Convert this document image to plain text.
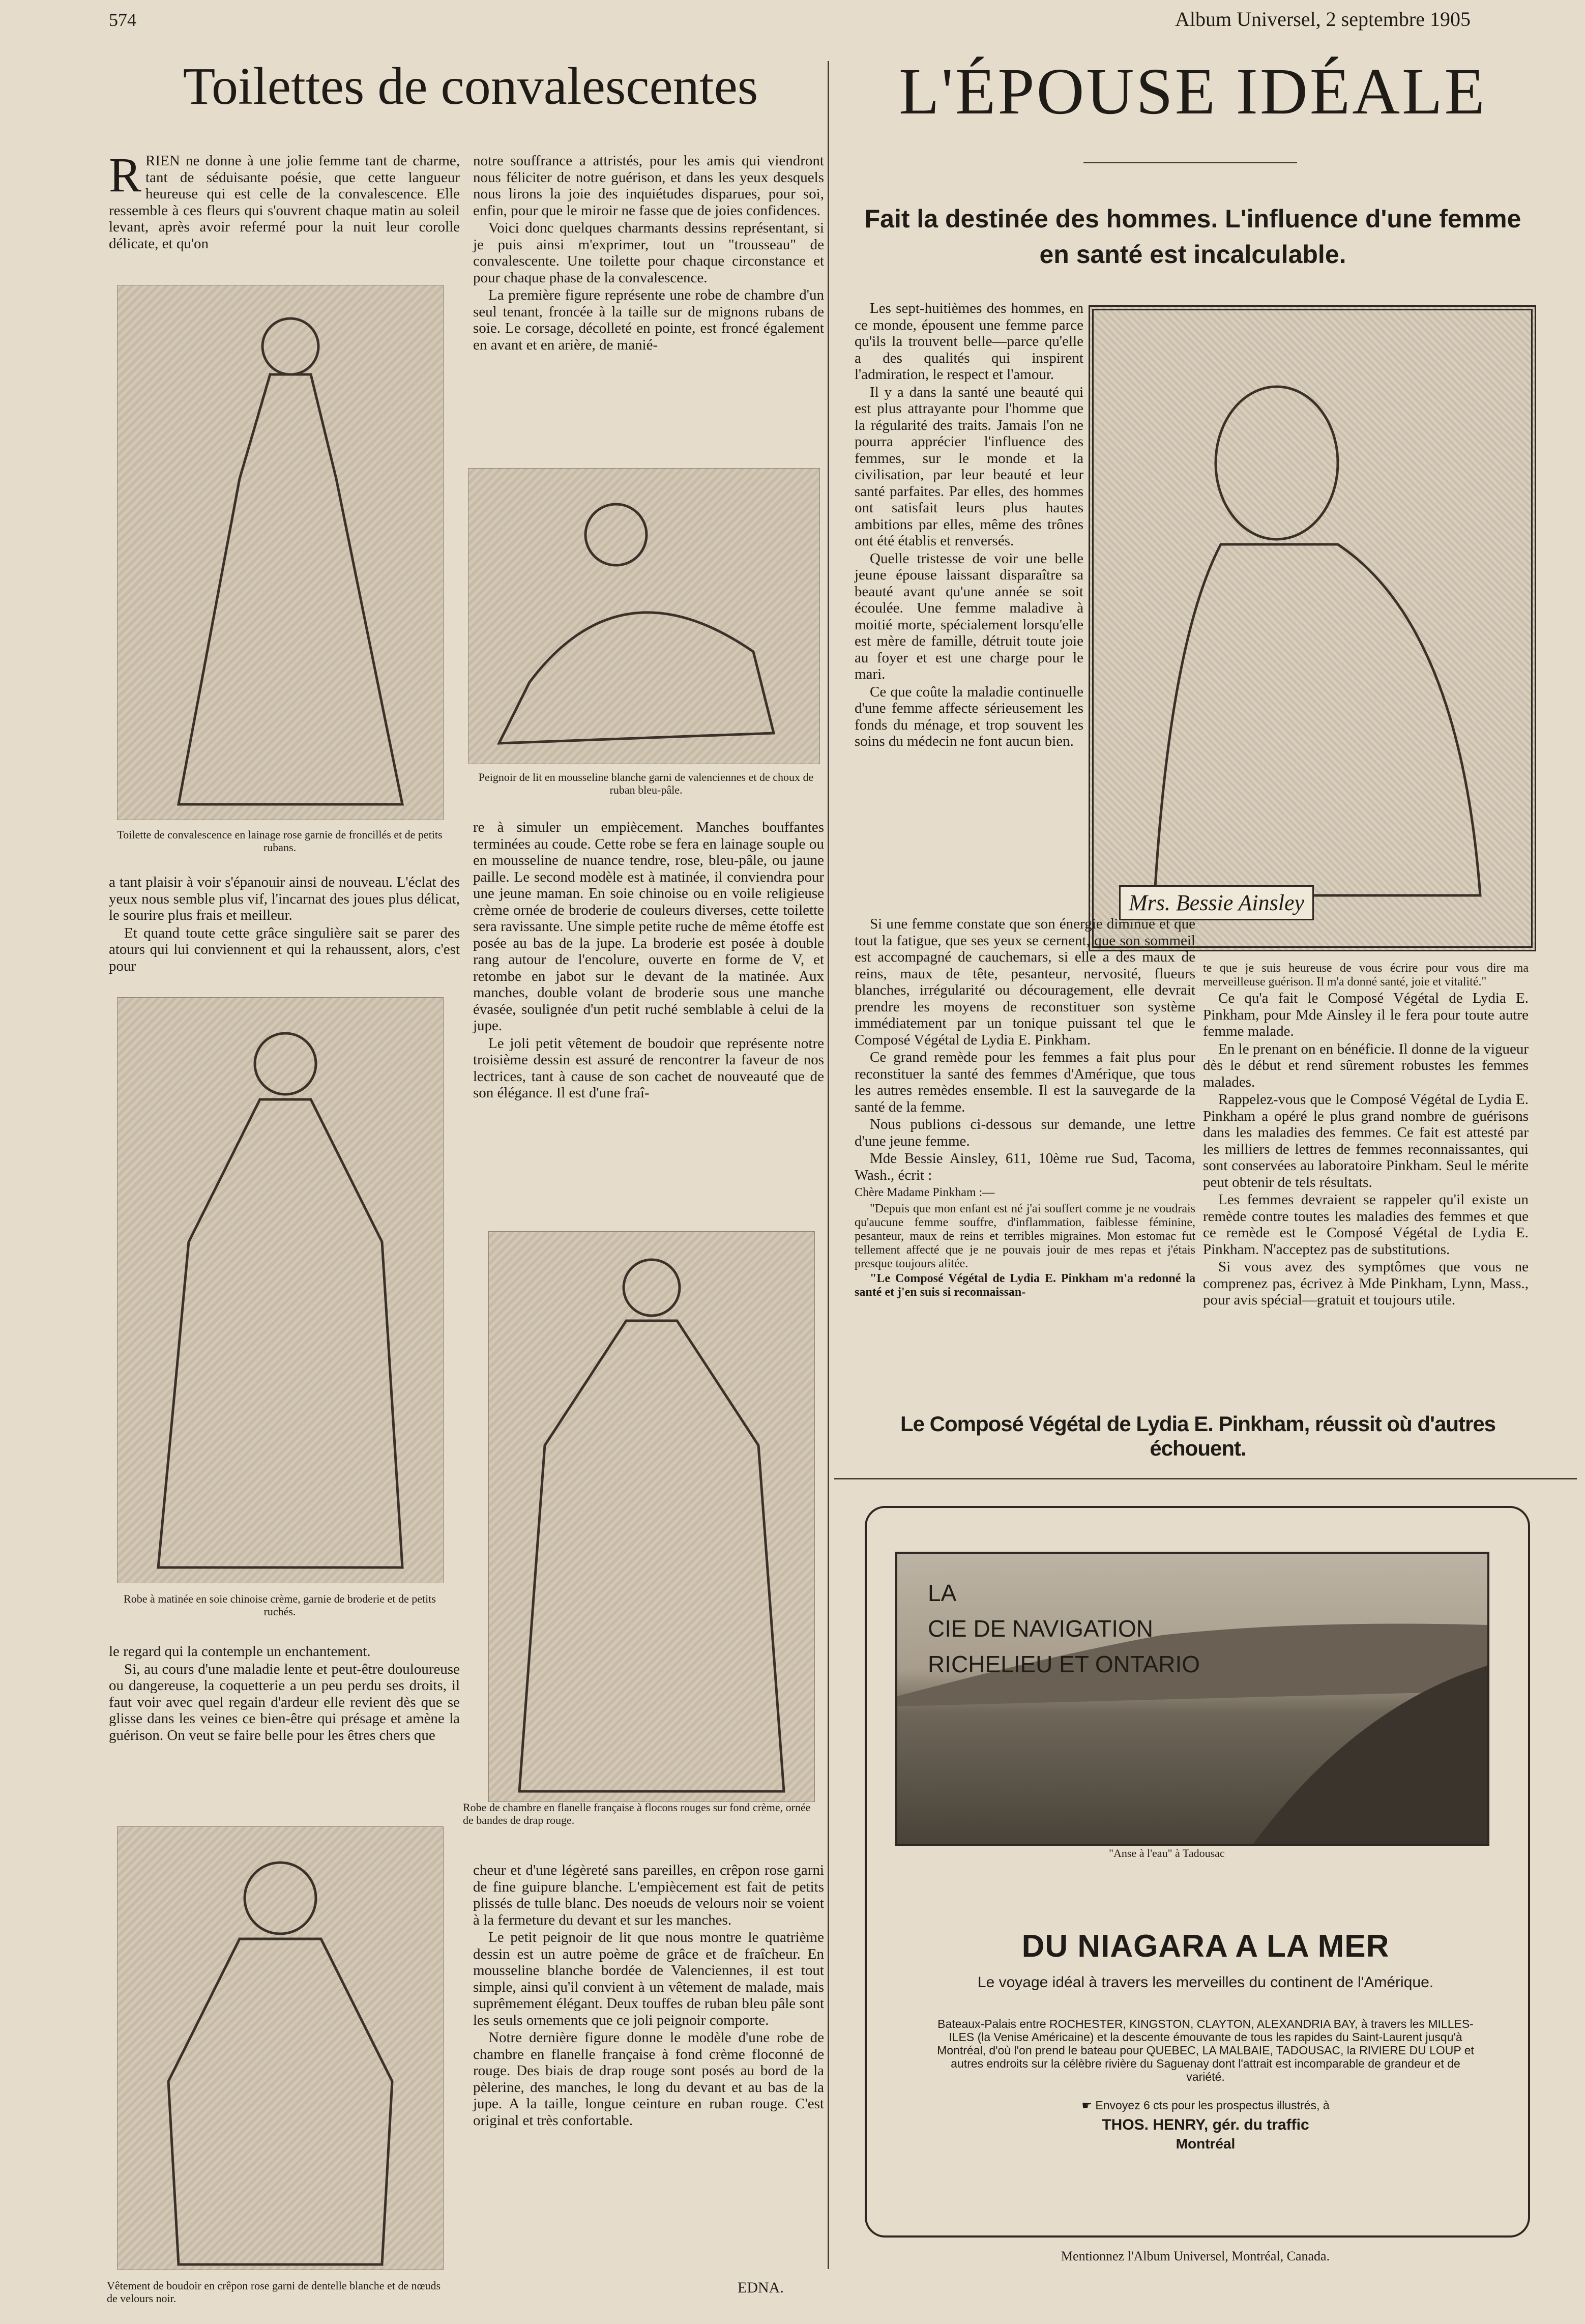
574	Album Universel, 2 septembre 1905
Toilettes de convalescentes
R RIEN ne donne à une jolie femme tant de charme, tant de séduisante poésie, que cette langueur heureuse qui est celle de la convalescence. Elle ressemble à ces fleurs qui s'ouvrent chaque matin au soleil levant, après avoir refermé pour la nuit leur corolle délicate, et qu'on
Toilette de convalescence en lainage rose garnie de froncillés et de petits rubans.

a tant plaisir à voir s'épanouir ainsi de nouveau. L'éclat des yeux nous semble plus vif, l'incarnat des joues plus délicat, le sourire plus frais et meilleur.

Et quand toute cette grâce singulière sait se parer des atours qui lui conviennent et qui la rehaussent, alors, c'est pour

Robe à matinée en soie chinoise crème, garnie de broderie et de petits ruchés.

le regard qui la contemple un enchantement.

Si, au cours d'une maladie lente et peut-être douloureuse ou dangereuse, la coquetterie a un peu perdu ses droits, il faut voir avec quel regain d'ardeur elle revient dès que se glisse dans les veines ce bien-être qui présage et amène la guérison. On veut se faire belle pour les êtres chers que

Vêtement de boudoir en crêpon rose garni de dentelle blanche et de nœuds de velours noir.

notre souffrance a attristés, pour les amis qui viendront nous féliciter de notre guérison, et dans les yeux desquels nous lirons la joie des inquiétudes disparues, pour soi, enfin, pour que le miroir ne fasse que de joies confidences.

Voici donc quelques charmants dessins représentant, si je puis ainsi m'exprimer, tout un "trousseau" de convalescente. Une toilette pour chaque circonstance et pour chaque phase de la convalescence.

La première figure représente une robe de chambre d'un seul tenant, froncée à la taille sur de mignons rubans de soie. Le corsage, décolleté en pointe, est froncé également en avant et en arière, de manié-

Peignoir de lit en mousseline blanche garni de valenciennes et de choux de ruban bleu-pâle.

re à simuler un empiècement. Manches bouffantes terminées au coude. Cette robe se fera en lainage souple ou en mousseline de nuance tendre, rose, bleu-pâle, ou jaune paille. Le second modèle est à matinée, il conviendra pour une jeune maman. En soie chinoise ou en voile religieuse crème ornée de broderie de couleurs diverses, cette toilette sera ravissante. Une simple petite ruche de même étoffe est posée au bas de la jupe. La broderie est posée à double rang autour de l'encolure, ouverte en forme de V, et retombe en jabot sur le devant de la matinée. Aux manches, double volant de broderie sous une manche évasée, soulignée d'un petit ruché semblable à celui de la jupe.

Le joli petit vêtement de boudoir que représente notre troisième dessin est assuré de rencontrer la faveur de nos lectrices, tant à cause de son cachet de nouveauté que de son élégance. Il est d'une fraî-

Robe de chambre en flanelle française à flocons rouges sur fond crème, ornée de bandes de drap rouge.

cheur et d'une légèreté sans pareilles, en crêpon rose garni de fine guipure blanche. L'empiècement est fait de petits plissés de tulle blanc. Des noeuds de velours noir se voient à la fermeture du devant et sur les manches.

Le petit peignoir de lit que nous montre le quatrième dessin est un autre poème de grâce et de fraîcheur. En mousseline blanche bordée de Valenciennes, il est tout simple, ainsi qu'il convient à un vêtement de malade, mais suprêmement élégant. Deux touffes de ruban bleu pâle sont les seuls ornements que ce joli peignoir comporte.

Notre dernière figure donne le modèle d'une robe de chambre en flanelle française à fond crème floconné de rouge. Des biais de drap rouge sont posés au bord de la pèlerine, des manches, le long du devant et au bas de la jupe. A la taille, longue ceinture en ruban rouge. C'est original et très confortable.

EDNA.
L'ÉPOUSE IDÉALE
Fait la destinée des hommes. L'influence d'une femme en santé est incalculable.

Les sept-huitièmes des hommes, en ce monde, épousent une femme parce qu'ils la trouvent belle—parce qu'elle a des qualités qui inspirent l'admiration, le respect et l'amour.

Il y a dans la santé une beauté qui est plus attrayante pour l'homme que la régularité des traits. Jamais l'on ne pourra apprécier l'influence des femmes, sur le monde et la civilisation, par leur beauté et leur santé parfaites. Par elles, des hommes ont satisfait leurs plus hautes ambitions par elles, même des trônes ont été établis et renversés.

Quelle tristesse de voir une belle jeune épouse laissant disparaître sa beauté avant qu'une année se soit écoulée. Une femme maladive à moitié morte, spécialement lorsqu'elle est mère de famille, détruit toute joie au foyer et est une charge pour le mari.

Ce que coûte la maladie continuelle d'une femme affecte sérieusement les fonds du ménage, et trop souvent les soins du médecin ne font aucun bien.

Mrs. Bessie Ainsley

Si une femme constate que son énergie diminue et que tout la fatigue, que ses yeux se cernent, que son sommeil est accompagné de cauchemars, si elle a des maux de reins, maux de tête, pesanteur, nervosité, flueurs blanches, irrégularité ou découragement, elle devrait prendre les moyens de reconstituer son système immédiatement par un tonique puissant tel que le Composé Végétal de Lydia E. Pinkham.

Ce grand remède pour les femmes a fait plus pour reconstituer la santé des femmes d'Amérique, que tous les autres remèdes ensemble. Il est la sauvegarde de la santé de la femme.

Nous publions ci-dessous sur demande, une lettre d'une jeune femme.

Mde Bessie Ainsley, 611, 10ème rue Sud, Tacoma, Wash., écrit :

Chère Madame Pinkham :—

"Depuis que mon enfant est né j'ai souffert comme je ne voudrais qu'aucune femme souffre, d'inflammation, faiblesse féminine, pesanteur, maux de reins et terribles migraines. Mon estomac fut tellement affecté que je ne pouvais jouir de mes repas et j'étais presque toujours alitée.

"Le Composé Végétal de Lydia E. Pinkham m'a redonné la santé et j'en suis si reconnaissan-

te que je suis heureuse de vous écrire pour vous dire ma merveilleuse guérison. Il m'a donné santé, joie et vitalité."

Ce qu'a fait le Composé Végétal de Lydia E. Pinkham, pour Mde Ainsley il le fera pour toute autre femme malade.

En le prenant on en bénéficie. Il donne de la vigueur dès le début et rend sûrement robustes les femmes malades.

Rappelez-vous que le Composé Végétal de Lydia E. Pinkham a opéré le plus grand nombre de guérisons dans les maladies des femmes. Ce fait est attesté par les milliers de lettres de femmes reconnaissantes, qui sont conservées au laboratoire Pinkham. Seul le mérite peut obtenir de tels résultats.

Les femmes devraient se rappeler qu'il existe un remède contre toutes les maladies des femmes et que ce remède est le Composé Végétal de Lydia E. Pinkham. N'acceptez pas de substitutions.

Si vous avez des symptômes que vous ne comprenez pas, écrivez à Mde Pinkham, Lynn, Mass., pour avis spécial—gratuit et toujours utile.

Le Composé Végétal de Lydia E. Pinkham, réussit où d'autres échouent.
LA
CIE DE NAVIGATION
RICHELIEU ET ONTARIO
"Anse à l'eau" à Tadousac
DU NIAGARA A LA MER
Le voyage idéal à travers les merveilles du continent de l'Amérique.
Bateaux-Palais entre ROCHESTER, KINGSTON, CLAYTON, ALEXANDRIA BAY, à travers les MILLES-ILES (la Venise Américaine) et la descente émouvante de tous les rapides du Saint-Laurent jusqu'à Montréal, d'où l'on prend le bateau pour QUEBEC, LA MALBAIE, TADOUSAC, la RIVIERE DU LOUP et autres endroits sur la célèbre rivière du Saguenay dont l'attrait est incomparable de grandeur et de variété.
☛ Envoyez 6 cts pour les prospectus illustrés, à
THOS. HENRY, gér. du traffic
Montréal
Mentionnez l'Album Universel, Montréal, Canada.
